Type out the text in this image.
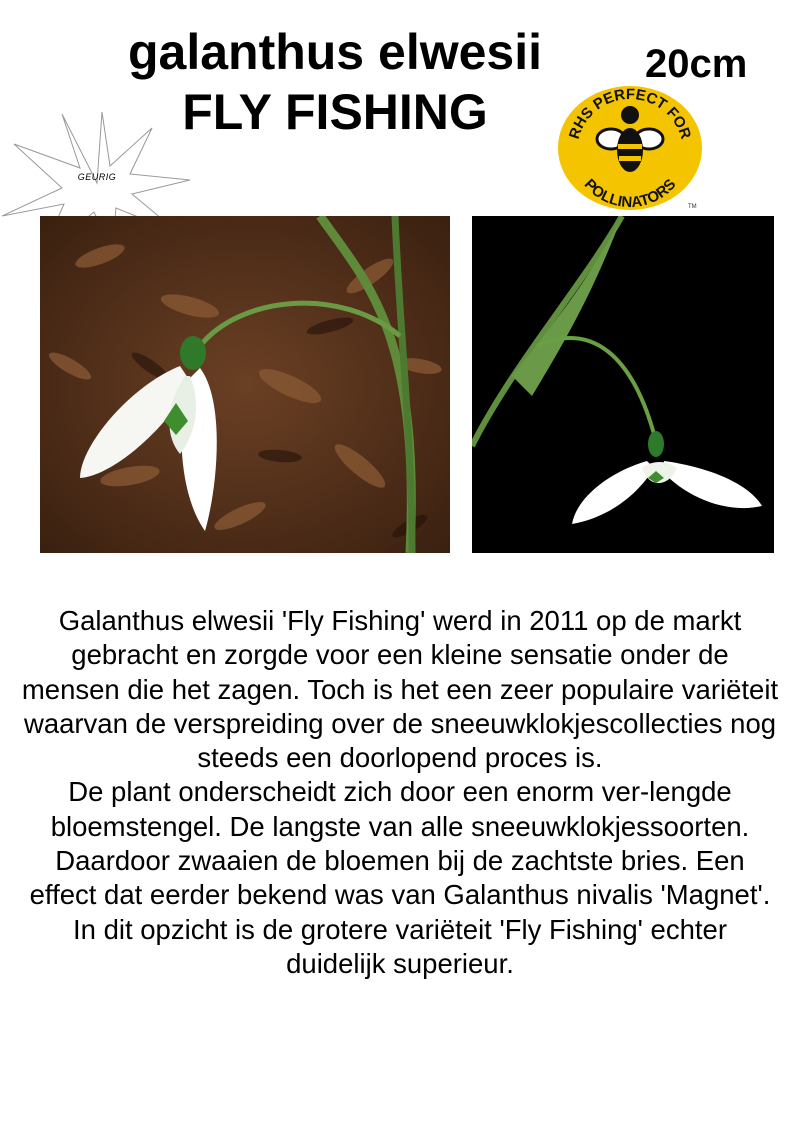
galanthus elwesii
FLY FISHING
20cm
GEURIG
RHS PERFECT FOR
POLLINATORS
TM

Galanthus elwesii 'Fly Fishing' werd in 2011 op de markt gebracht en zorgde voor een kleine sensatie onder de mensen die het zagen. Toch is het een zeer populaire variëteit waarvan de verspreiding over de sneeuwklokjescollecties nog steeds een doorlopend proces is.

De plant onderscheidt zich door een enorm ver-lengde bloemstengel. De langste van alle sneeuwklokjessoorten. Daardoor zwaaien de bloemen bij de zachtste bries. Een effect dat eerder bekend was van Galanthus nivalis 'Magnet'. In dit opzicht is de grotere variëteit 'Fly Fishing' echter duidelijk superieur.
